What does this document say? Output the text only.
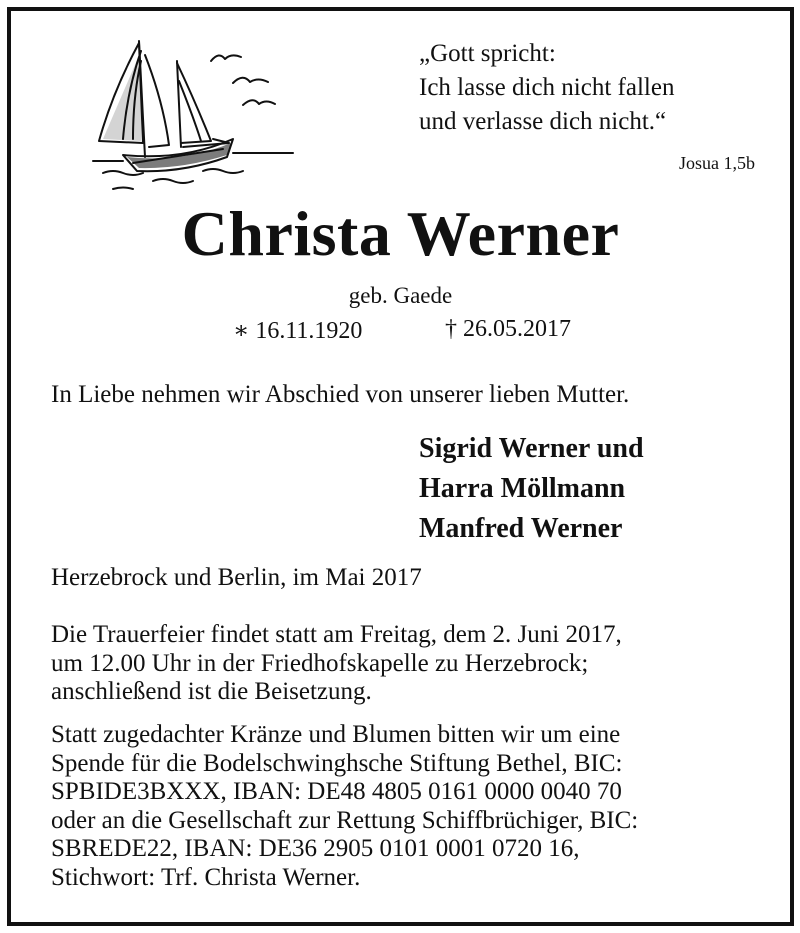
„Gott spricht:
Ich lasse dich nicht fallen
und verlasse dich nicht.“
Josua 1,5b
Christa Werner
geb. Gaede
∗ 16.11.1920	† 26.05.2017
In Liebe nehmen wir Abschied von unserer lieben Mutter.
Sigrid Werner und
Harra Möllmann
Manfred Werner
Herzebrock und Berlin, im Mai 2017
Die Trauerfeier findet statt am Freitag, dem 2. Juni 2017,
um 12.00 Uhr in der Friedhofskapelle zu Herzebrock;
anschließend ist die Beisetzung.
Statt zugedachter Kränze und Blumen bitten wir um eine
Spende für die Bodelschwinghsche Stiftung Bethel, BIC:
SPBIDE3BXXX, IBAN: DE48 4805 0161 0000 0040 70
oder an die Gesellschaft zur Rettung Schiffbrüchiger, BIC:
SBREDE22, IBAN: DE36 2905 0101 0001 0720 16,
Stichwort: Trf. Christa Werner.
